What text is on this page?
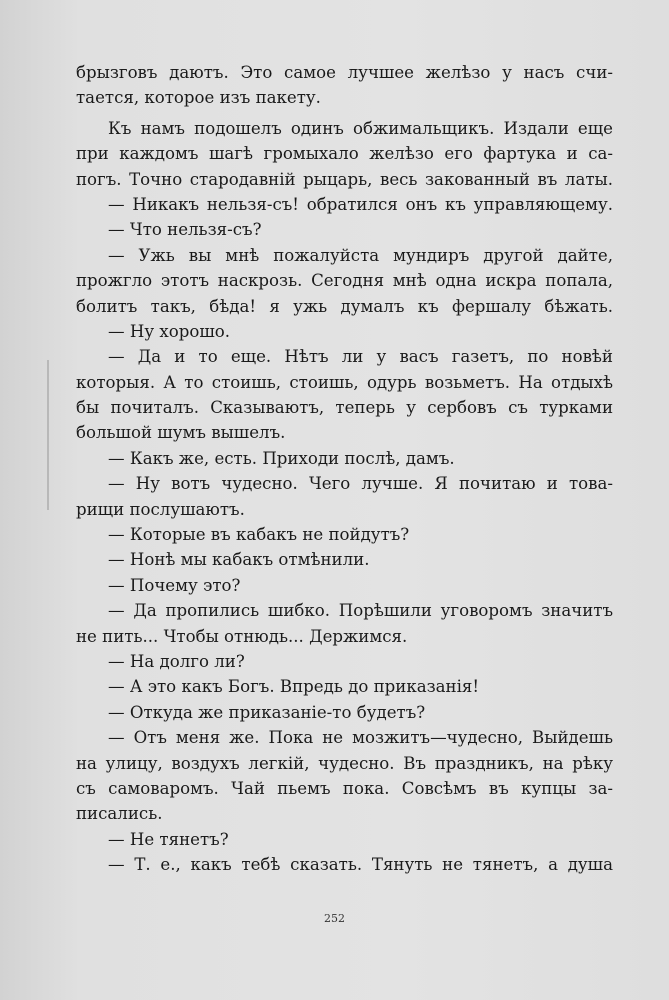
брызговъ даютъ. Это самое лучшее желѣзо у насъ счи-
тается, которое изъ пакету.
Къ намъ подошелъ одинъ обжимальщикъ. Издали еще
при каждомъ шагѣ громыхало желѣзо его фартука и са-
погъ. Точно стародавній рыцарь, весь закованный въ латы.
— Никакъ нельзя-съ! обратился онъ къ управляющему.
— Что нельзя-съ?
— Ужь вы мнѣ пожалуйста мундиръ другой дайте,
прожгло этотъ наскрозь. Сегодня мнѣ одна искра попала,
болитъ такъ, бѣда! я ужь думалъ къ фершалу бѣжать.
— Ну хорошо.
— Да и то еще. Нѣтъ ли у васъ газетъ, по новѣй
которыя. А то стоишь, стоишь, одурь возьметъ. На отдыхѣ
бы почиталъ. Сказываютъ, теперь у сербовъ съ турками
большой шумъ вышелъ.
— Какъ же, есть. Приходи послѣ, дамъ.
— Ну вотъ чудесно. Чего лучше. Я почитаю и това-
рищи послушаютъ.
— Которые въ кабакъ не пойдутъ?
— Нонѣ мы кабакъ отмѣнили.
— Почему это?
— Да пропились шибко. Порѣшили уговоромъ значитъ
не пить... Чтобы отнюдь... Держимся.
— На долго ли?
— А это какъ Богъ. Впредь до приказанія!
— Откуда же приказаніе-то будетъ?
— Отъ меня же. Пока не мозжитъ—чудесно, Выйдешь
на улицу, воздухъ легкій, чудесно. Въ праздникъ, на рѣку
съ самоваромъ. Чай пьемъ пока. Совсѣмъ въ купцы за-
писались.
— Не тянетъ?
— Т. е., какъ тебѣ сказать. Тянуть не тянетъ, а душа
252
